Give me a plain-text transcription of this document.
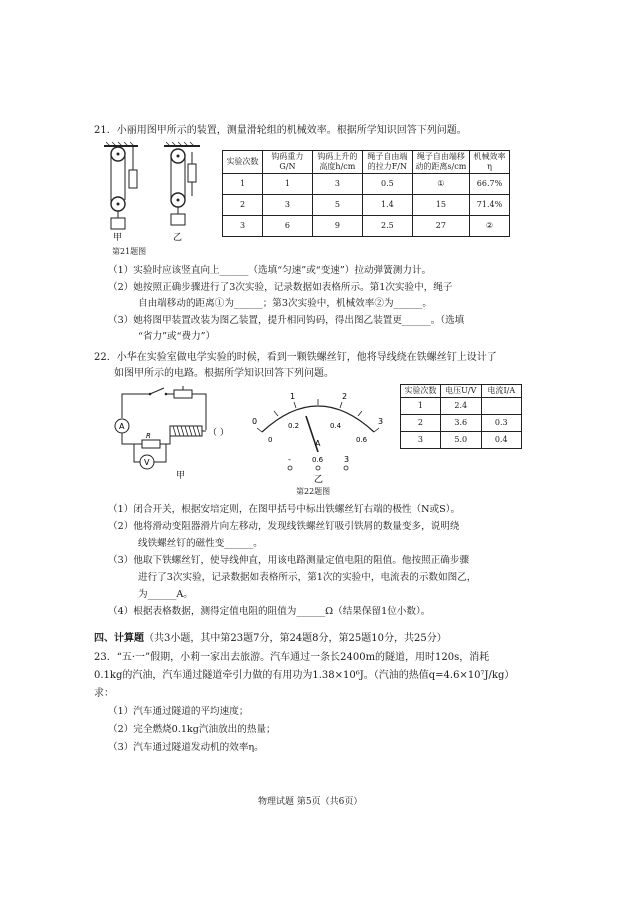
21．小丽用图甲所示的装置，测量滑轮组的机械效率。根据所学知识回答下列问题。
甲	乙
第21题图
实验次数	钩码重力G/N	钩码上升的高度h/cm	绳子自由端的拉力F/N	绳子自由端移动的距离s/cm	机械效率η
1	1	3	0.5	①	66.7%
2	3	5	1.4	15	71.4%
3	6	9	2.5	27	②
（1）实验时应该竖直向上______（选填“匀速”或“变速”）拉动弹簧测力计。
（2）她按照正确步骤进行了3次实验，记录数据如表格所示。第1次实验中，绳子
自由端移动的距离①为______；第3次实验中，机械效率②为______。
（3）她将图甲装置改装为图乙装置，提升相同钩码，得出图乙装置更______。（选填
“省力”或“费力”）
22．小华在实验室做电学实验的时候，看到一颗铁螺丝钉，他将导线绕在铁螺丝钉上设计了
如图甲所示的电路。根据所学知识回答下列问题。
A
R	（ ）
V
甲
0
1	2
3
0
0.2	0.4
0.6
A
-	0.6	3
乙
第22题图
实验次数	电压U/V	电流I/A
1	2.4	
2	3.6	0.3
3	5.0	0.4
（1）闭合开关，根据安培定则，在图甲括号中标出铁螺丝钉右端的极性（N或S）。
（2）他将滑动变阻器滑片向左移动，发现线铁螺丝钉吸引铁屑的数量变多，说明绕
线铁螺丝钉的磁性变______。
（3）他取下铁螺丝钉，使导线伸直，用该电路测量定值电阻的阻值。他按照正确步骤
进行了3次实验，记录数据如表格所示，第1次的实验中，电流表的示数如图乙，
为______A。
（4）根据表格数据，测得定值电阻的阻值为______Ω（结果保留1位小数）。
四、计算题（共3小题，其中第23题7分，第24题8分，第25题10分，共25分）
23．“五·一”假期，小莉一家出去旅游。汽车通过一条长2400m的隧道，用时120s，消耗
0.1kg的汽油，汽车通过隧道牵引力做的有用功为1.38×10⁶J。（汽油的热值q=4.6×10⁷J/kg）
求：
（1）汽车通过隧道的平均速度；
（2）完全燃烧0.1kg汽油放出的热量；
（3）汽车通过隧道发动机的效率η。
物理试题 第5页（共6页）
